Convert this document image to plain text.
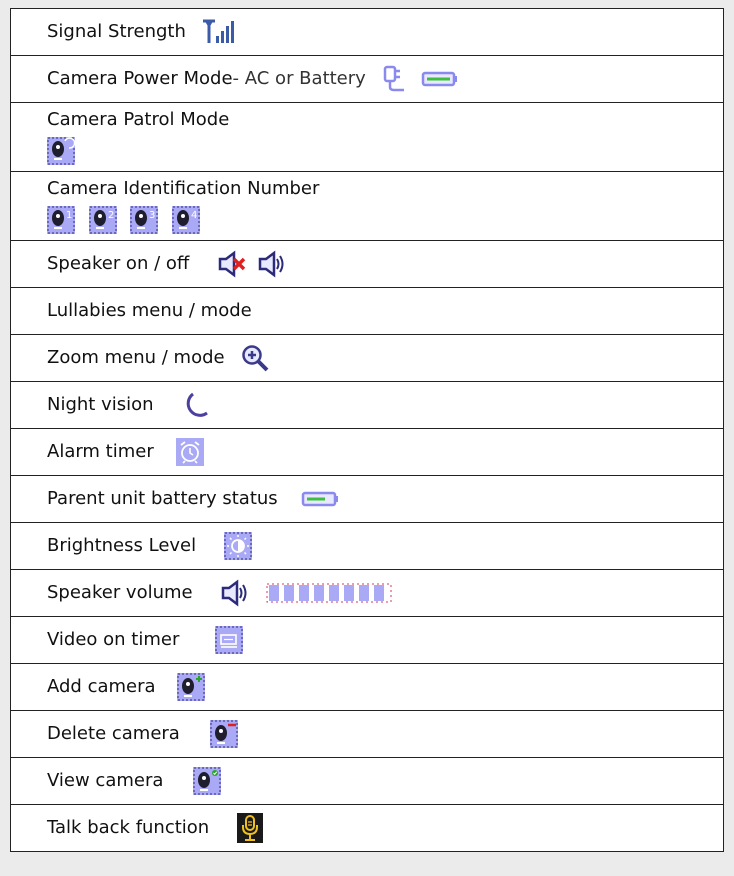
Signal Strength

Camera Power Mode- AC or Battery

Camera Patrol Mode

Camera Identification Number
1
	2
	3
	4

Speaker on / off

Lullabies menu / mode
Zoom menu / mode

Night vision

Alarm timer

Parent unit battery status

Brightness Level

Speaker volume

Video on timer

Add camera

Delete camera

View camera

Talk back function
